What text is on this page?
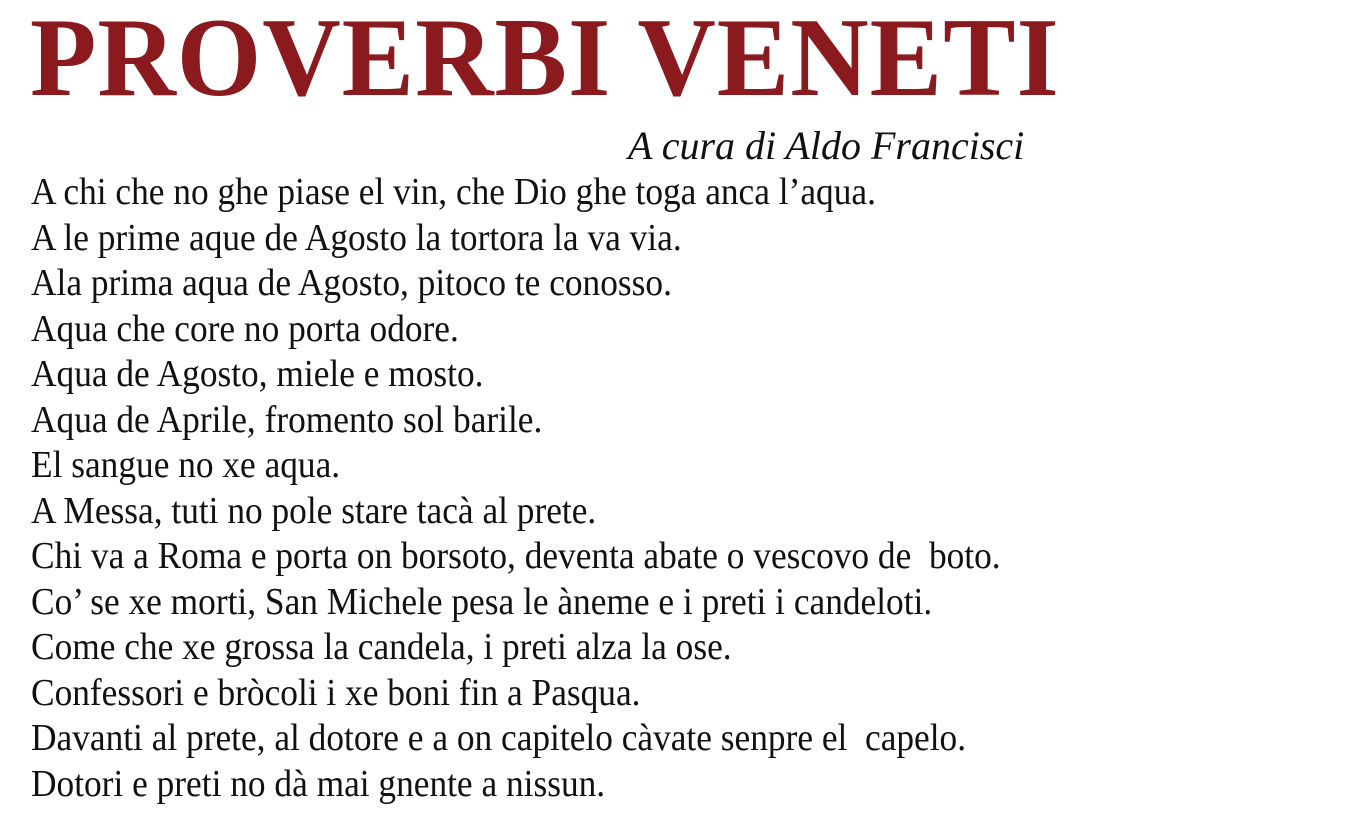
PROVERBI VENETI
A cura di Aldo Francisci
A chi che no ghe piase el vin, che Dio ghe toga anca l’aqua.
A le prime aque de Agosto la tortora la va via.
Ala prima aqua de Agosto, pitoco te conosso.
Aqua che core no porta odore.
Aqua de Agosto, miele e mosto.
Aqua de Aprile, fromento sol barile.
El sangue no xe aqua.
A Messa, tuti no pole stare tacà al prete.
Chi va a Roma e porta on borsoto, deventa abate o vescovo de  boto.
Co’ se xe morti, San Michele pesa le àneme e i preti i candeloti.
Come che xe grossa la candela, i preti alza la ose.
Confessori e bròcoli i xe boni fin a Pasqua.
Davanti al prete, al dotore e a on capitelo càvate senpre el  capelo.
Dotori e preti no dà mai gnente a nissun.
